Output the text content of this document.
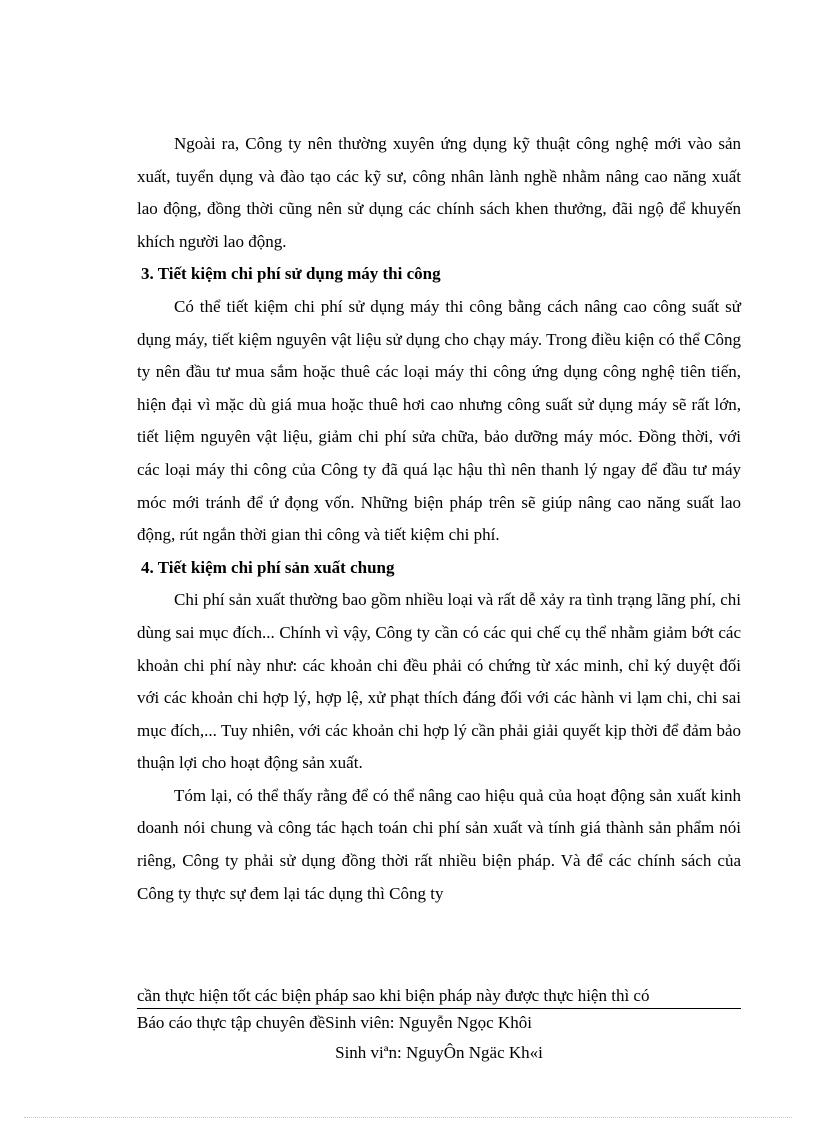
Ngoài ra, Công ty nên thường xuyên ứng dụng kỹ thuật công nghệ mới vào sản xuất, tuyển dụng và đào tạo các kỹ sư, công nhân lành nghề nhằm nâng cao năng xuất lao động, đồng thời cũng nên sử dụng các chính sách khen thưởng, đãi ngộ để khuyến khích người lao động.

3. Tiết kiệm chi phí sử dụng máy thi công

Có thể tiết kiệm chi phí sử dụng máy thi công bằng cách nâng cao công suất sử dụng máy, tiết kiệm nguyên vật liệu sử dụng cho chạy máy. Trong điều kiện có thể Công ty nên đầu tư mua sắm hoặc thuê các loại máy thi công ứng dụng công nghệ tiên tiến, hiện đại vì mặc dù giá mua hoặc thuê hơi cao nhưng công suất sử dụng máy sẽ rất lớn, tiết liệm nguyên vật liệu, giảm chi phí sửa chữa, bảo dưỡng máy móc. Đồng thời, với các loại máy thi công của Công ty đã quá lạc hậu thì nên thanh lý ngay để đầu tư máy móc mới tránh để ứ đọng vốn. Những biện pháp trên sẽ giúp nâng cao năng suất lao động, rút ngắn thời gian thi công và tiết kiệm chi phí.

4. Tiết kiệm chi phí sản xuất chung

Chi phí sản xuất thường bao gồm nhiều loại và rất dễ xảy ra tình trạng lãng phí, chi dùng sai mục đích... Chính vì vậy, Công ty cần có các qui chế cụ thể nhằm giảm bớt các khoản chi phí này như: các khoản chi đều phải có chứng từ xác minh, chỉ ký duyệt đối với các khoản chi hợp lý, hợp lệ, xử phạt thích đáng đối với các hành vi lạm chi, chi sai mục đích,... Tuy nhiên, với các khoản chi hợp lý cần phải giải quyết kịp thời để đảm bảo thuận lợi cho hoạt động sản xuất.

Tóm lại, có thể thấy rằng để có thể nâng cao hiệu quả của hoạt động sản xuất kinh doanh nói chung và công tác hạch toán chi phí sản xuất và tính giá thành sản phẩm nói riêng, Công ty phải sử dụng đồng thời rất nhiều biện pháp. Và để các chính sách của Công ty thực sự đem lại tác dụng thì Công ty

cần thực hiện tốt các biện pháp sao khi biện pháp này được thực hiện thì có

Báo cáo thực tập chuyên đềSinh viên: Nguyễn Ngọc Khôi
Sinh viªn: NguyÔn Ngäc Kh«i
